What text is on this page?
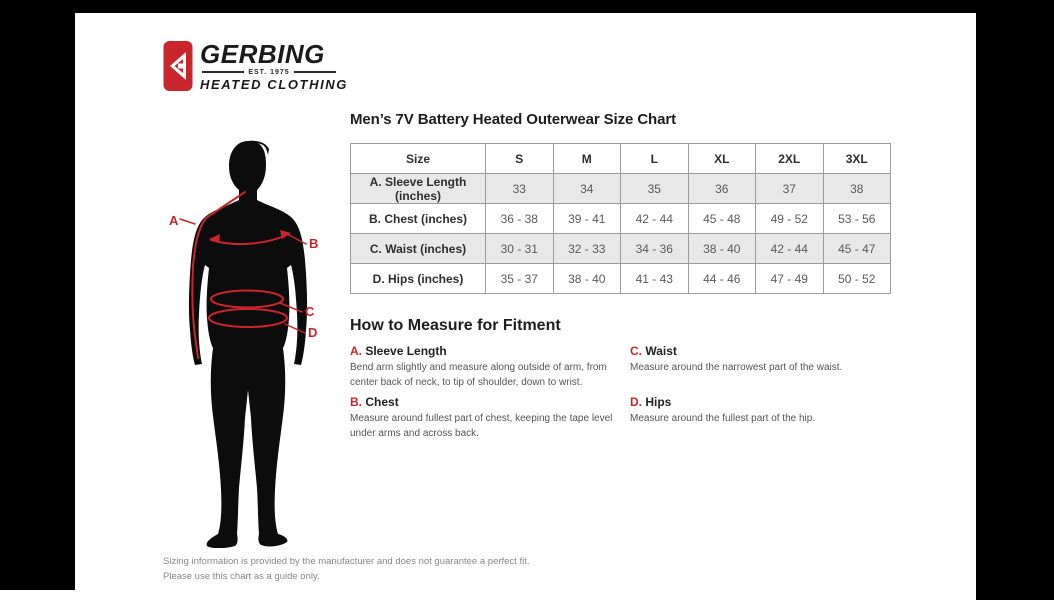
GERBING
EST. 1975
HEATED CLOTHING
A
B
C
D
Men’s 7V Battery Heated Outerwear Size Chart
Size	S	M	L	XL	2XL	3XL
A. Sleeve Length (inches)	33	34	35	36	37	38
B. Chest (inches)	36 - 38	39 - 41	42 - 44	45 - 48	49 - 52	53 - 56
C. Waist (inches)	30 - 31	32 - 33	34 - 36	38 - 40	42 - 44	45 - 47
D. Hips (inches)	35 - 37	38 - 40	41 - 43	44 - 46	47 - 49	50 - 52
How to Measure for Fitment
A. Sleeve Length
Bend arm slightly and measure along outside of arm, from center back of neck, to tip of shoulder, down to wrist.
B. Chest
Measure around fullest part of chest, keeping the tape level under arms and across back.
C. Waist
Measure around the narrowest part of the waist.
D. Hips
Measure around the fullest part of the hip.
Sizing information is provided by the manufacturer and does not guarantee a perfect fit.
Please use this chart as a guide only.
